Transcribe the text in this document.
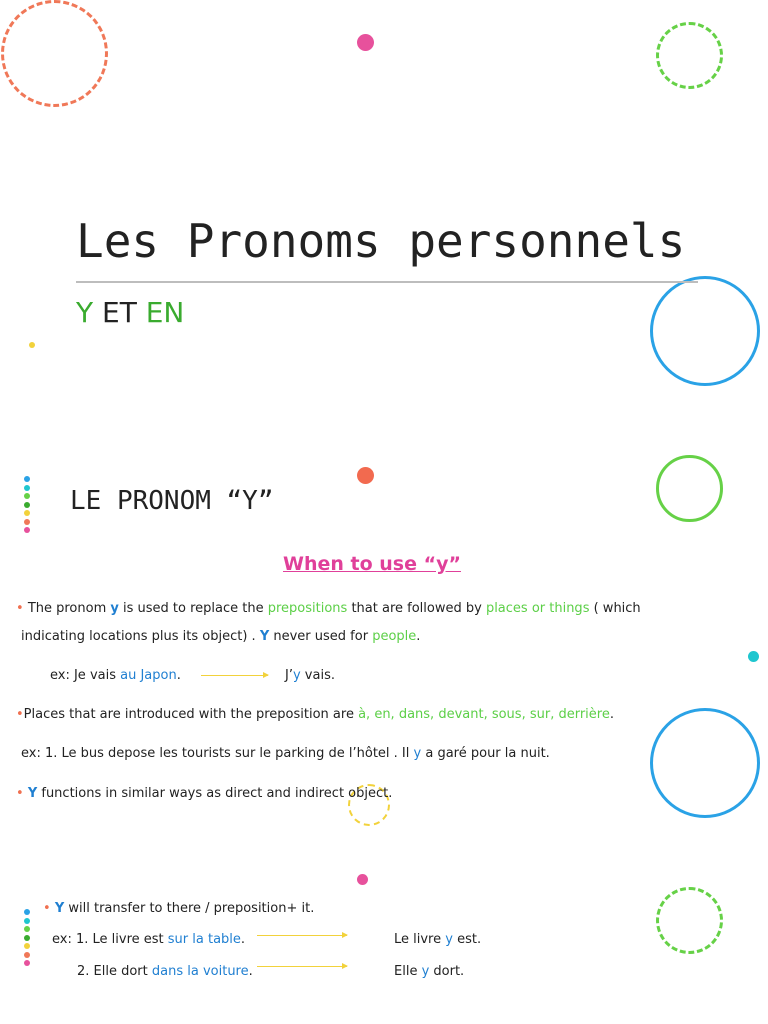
Les Pronoms personnels
Y ET EN
LE PRONOM “Y”
When to use “y”
• The pronom y is used to replace the prepositions that are followed by places or things ( which
indicating locations plus its object) . Y never used for people.
ex: Je vais au Japon.	J’y vais.
•Places that are introduced with the preposition are à, en, dans, devant, sous, sur, derrière.
ex: 1. Le bus depose les tourists sur le parking de l’hôtel . Il y a garé pour la nuit.
• Y functions in similar ways as direct and indirect object.
• Y will transfer to there / preposition+ it.
ex: 1. Le livre est sur la table.	Le livre y est.
2. Elle dort dans la voiture.	Elle y dort.
